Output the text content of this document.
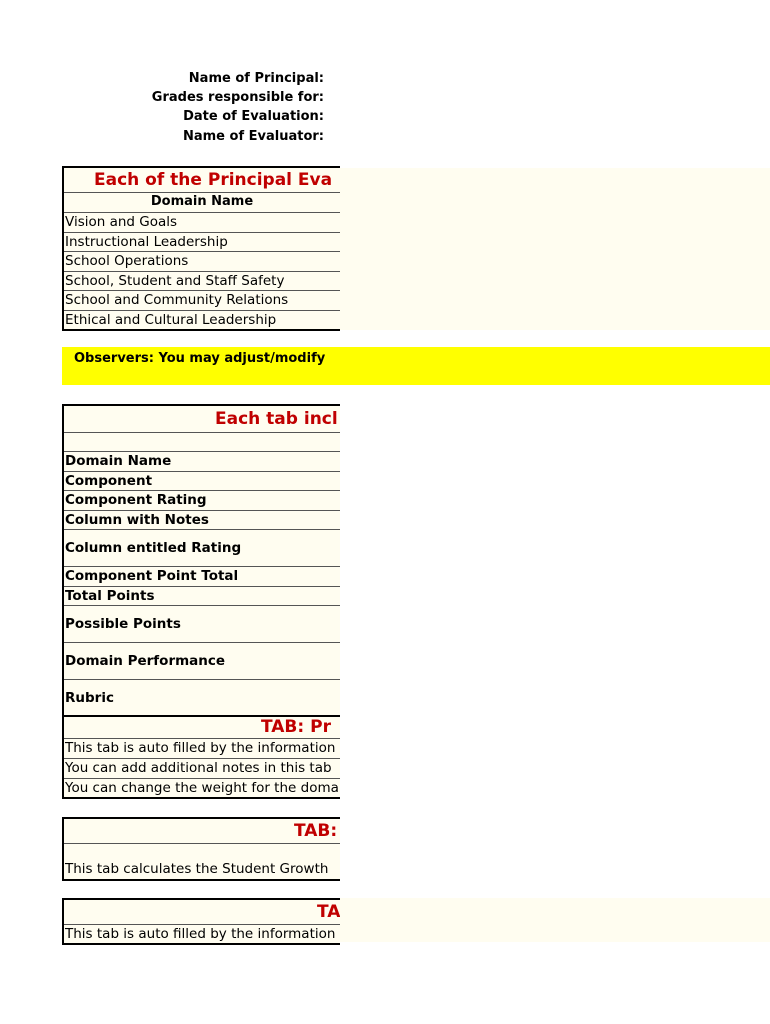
Name of Principal:
Grades responsible for:
Date of Evaluation:
Name of Evaluator:
Each of the Principal Eva
Domain Name
Vision and Goals
Instructional Leadership
School Operations
School, Student and Staff Safety
School and Community Relations
Ethical and Cultural Leadership
Observers: You may adjust/modify
Each tab incl
Domain Name
Component
Component Rating
Column with Notes
Column entitled Rating
Component Point Total
Total Points
Possible Points
Domain Performance
Rubric
TAB: Pr
This tab is auto filled by the information
You can add additional notes in this tab
You can change the weight for the doma
TAB:
This tab calculates the Student Growth
TA
This tab is auto filled by the information
